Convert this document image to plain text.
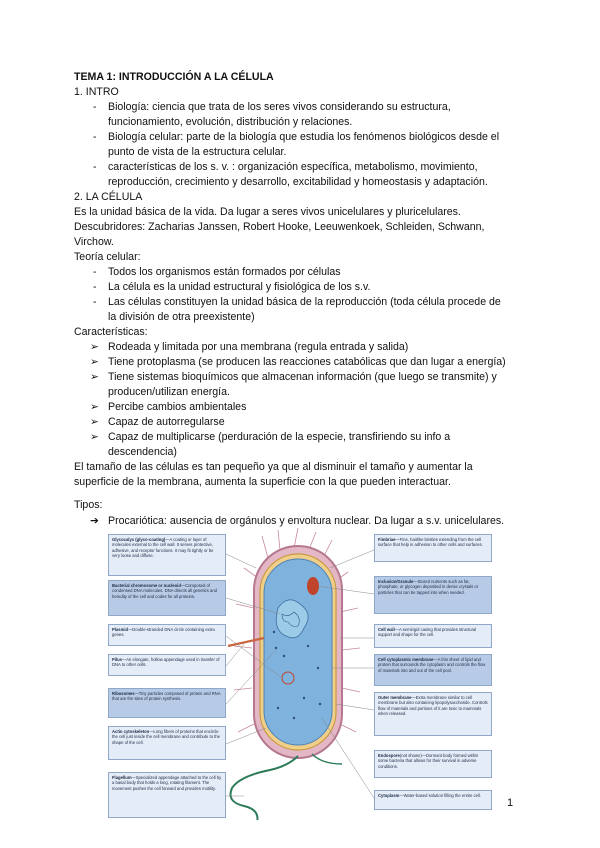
TEMA 1: INTRODUCCIÓN A LA CÉLULA
1. INTRO
- Biología: ciencia que trata de los seres vivos considerando su estructura,
funcionamiento, evolución, distribución y relaciones.
- Biología celular: parte de la biología que estudia los fenómenos biológicos desde el
punto de vista de la estructura celular.
- características de los s. v. : organización específica, metabolismo, movimiento,
reproducción, crecimiento y desarrollo, excitabilidad y homeostasis y adaptación.
2. LA CÉLULA
Es la unidad básica de la vida. Da lugar a seres vivos unicelulares y pluricelulares.
Descubridores: Zacharias Janssen, Robert Hooke, Leeuwenkoek, Schleiden, Schwann,
Virchow.
Teoría celular:
- Todos los organismos están formados por células
- La célula es la unidad estructural y fisiológica de los s.v.
- Las células constituyen la unidad básica de la reproducción (toda célula procede de
la división de otra preexistente)
Características:
➢ Rodeada y limitada por una membrana (regula entrada y salida)
➢ Tiene protoplasma (se producen las reacciones catabólicas que dan lugar a energía)
➢ Tiene sistemas bioquímicos que almacenan información (que luego se transmite) y
producen/utilizan energía.
➢ Percibe cambios ambientales
➢ Capaz de autorregularse
➢ Capaz de multiplicarse (perduración de la especie, transfiriendo su info a
descendencia)
El tamaño de las células es tan pequeño ya que al disminuir el tamaño y aumentar la
superficie de la membrana, aumenta la superficie con la que pueden interactuar.
Tipos:
➔ Procariótica: ausencia de orgánulos y envoltura nuclear. Da lugar a s.v. unicelulares.
Glycocalyx (glyco-coating)—A coating or layer of molecules external to the cell wall. It serves protective, adhesive, and receptor functions. It may fit tightly or be very loose and diffuse.
Bacterial chromosome or nucleoid—Composed of condensed DNA molecules. DNA directs all genetics and heredity of the cell and codes for all proteins.
Plasmid—Double-stranded DNA circle containing extra genes.
Pilus—An elongate, hollow appendage used in transfer of DNA to other cells.
Ribosomes—Tiny particles composed of protein and RNA that are the sites of protein synthesis.
Actin cytoskeleton—Long fibers of proteins that encircle the cell just inside the cell membrane and contribute to the shape of the cell.
Flagellum—Specialized appendage attached to the cell by a basal body that holds a long, rotating filament. The movement pushes the cell forward and provides motility.
Fimbriae—Fine, hairlike bristles extending from the cell surface that help in adhesion to other cells and surfaces.
Inclusion/Granule—Stored nutrients such as fat, phosphate, or glycogen deposited in dense crystals or particles that can be tapped into when needed.
Cell wall—A semirigid casing that provides structural support and shape for the cell.
Cell cytoplasmic membrane—A thin sheet of lipid and protein that surrounds the cytoplasm and controls the flow of materials into and out of the cell pool.
Outer membrane—Extra membrane similar to cell membrane but also containing lipopolysaccharide. Controls flow of materials and portions of it are toxic to mammals when released.
Endospore(not shown)—Dormant body formed within some bacteria that allows for their survival in adverse conditions.
Cytoplasm—Water-based solution filling the entire cell.
1
